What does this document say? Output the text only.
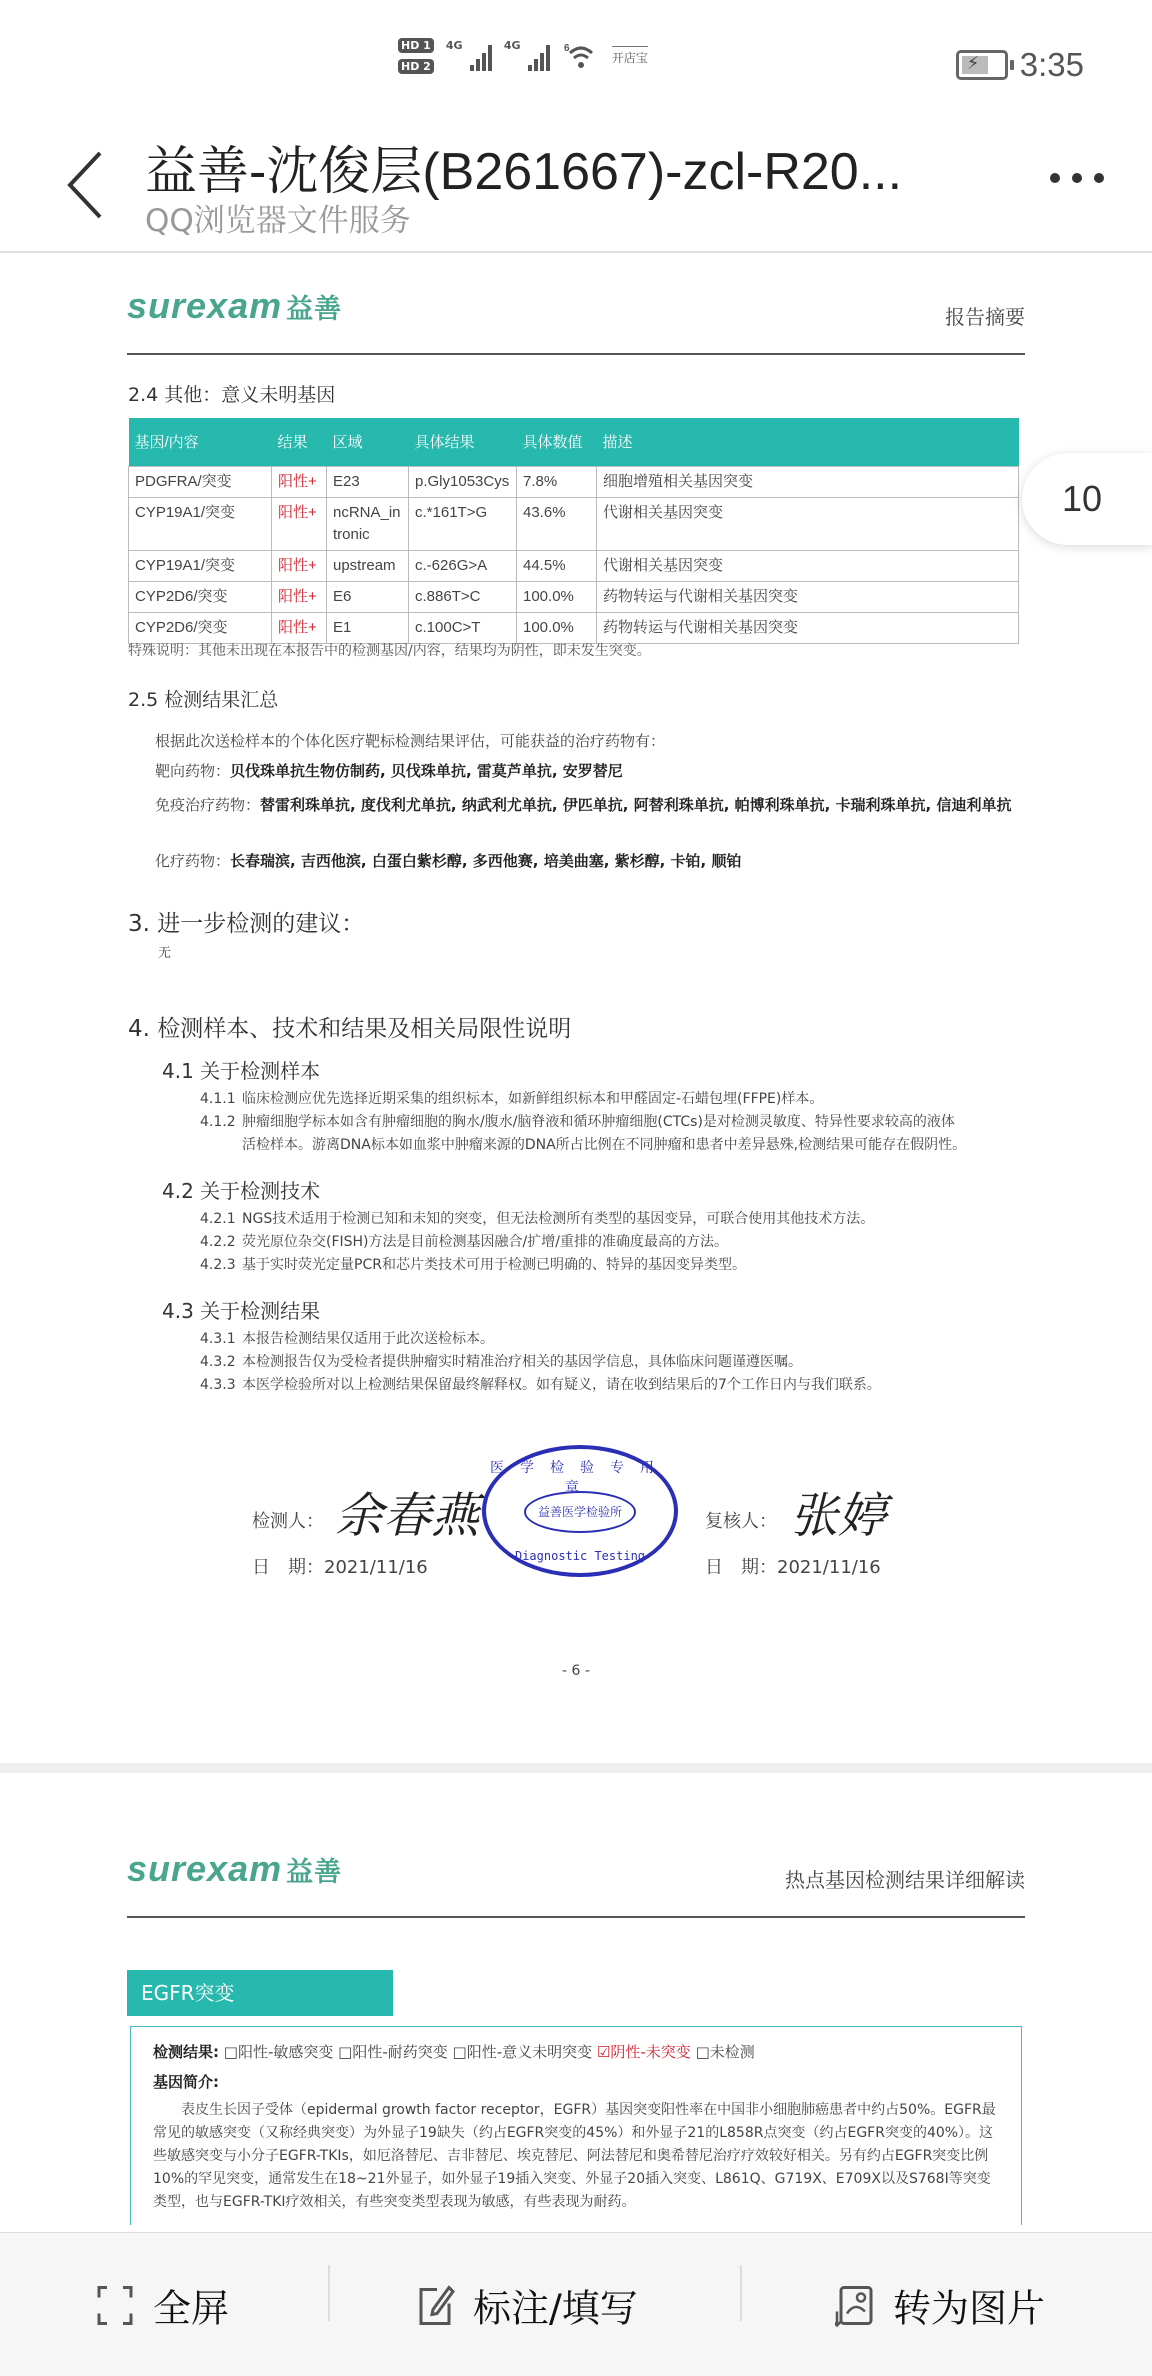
HD 1
HD 2
4G	4G	6
开店宝	⚡ 3:35
益善-沈俊层(B261667)-zcl-R20...
QQ浏览器文件服务
surexam 益善	报告摘要
2.4 其他：意义未明基因
基因/内容	结果	区域	具体结果	具体数值	描述
PDGFRA/突变	阳性+	E23	p.Gly1053Cys	7.8%	细胞增殖相关基因突变
CYP19A1/突变	阳性+	ncRNA_intronic	c.*161T>G	43.6%	代谢相关基因突变
CYP19A1/突变	阳性+	upstream	c.-626G>A	44.5%	代谢相关基因突变
CYP2D6/突变	阳性+	E6	c.886T>C	100.0%	药物转运与代谢相关基因突变
CYP2D6/突变	阳性+	E1	c.100C>T	100.0%	药物转运与代谢相关基因突变
特殊说明：其他未出现在本报告中的检测基因/内容，结果均为阴性，即未发生突变。
2.5 检测结果汇总
根据此次送检样本的个体化医疗靶标检测结果评估，可能获益的治疗药物有：
靶向药物：贝伐珠单抗生物仿制药, 贝伐珠单抗, 雷莫芦单抗, 安罗替尼
免疫治疗药物：替雷利珠单抗, 度伐利尤单抗, 纳武利尤单抗, 伊匹单抗, 阿替利珠单抗, 帕博利珠单抗, 卡瑞利珠单抗, 信迪利单抗
化疗药物：长春瑞滨, 吉西他滨, 白蛋白紫杉醇, 多西他赛, 培美曲塞, 紫杉醇, 卡铂, 顺铂
3. 进一步检测的建议：
无
4. 检测样本、技术和结果及相关局限性说明
4.1 关于检测样本
4.1.1 临床检测应优先选择近期采集的组织标本，如新鲜组织标本和甲醛固定-石蜡包埋(FFPE)样本。
4.1.2 肿瘤细胞学标本如含有肿瘤细胞的胸水/腹水/脑脊液和循环肿瘤细胞(CTCs)是对检测灵敏度、特异性要求较高的液体
活检样本。游离DNA标本如血浆中肿瘤来源的DNA所占比例在不同肿瘤和患者中差异悬殊,检测结果可能存在假阴性。
4.2 关于检测技术
4.2.1 NGS技术适用于检测已知和未知的突变，但无法检测所有类型的基因变异，可联合使用其他技术方法。
4.2.2 荧光原位杂交(FISH)方法是目前检测基因融合/扩增/重排的准确度最高的方法。
4.2.3 基于实时荧光定量PCR和芯片类技术可用于检测已明确的、特异的基因变异类型。
4.3 关于检测结果
4.3.1 本报告检测结果仅适用于此次送检标本。
4.3.2 本检测报告仅为受检者提供肿瘤实时精准治疗相关的基因学信息，具体临床问题谨遵医嘱。
4.3.3 本医学检验所对以上检测结果保留最终解释权。如有疑义，请在收到结果后的7个工作日内与我们联系。
检测人： 余春燕
日　期：2021/11/16
医学检验专用章
益善医学检验所
Diagnostic Testing
复核人： 张婷
日　期：2021/11/16
- 6 -
surexam 益善	热点基因检测结果详细解读
EGFR突变
检测结果: □阳性-敏感突变 □阳性-耐药突变 □阳性-意义未明突变 ☑阴性-未突变 □未检测
基因简介:
表皮生长因子受体（epidermal growth factor receptor，EGFR）基因突变阳性率在中国非小细胞肺癌患者中约占50%。EGFR最常见的敏感突变（又称经典突变）为外显子19缺失（约占EGFR突变的45%）和外显子21的L858R点突变（约占EGFR突变的40%）。这些敏感突变与小分子EGFR-TKIs，如厄洛替尼、吉非替尼、埃克替尼、阿法替尼和奥希替尼治疗疗效较好相关。另有约占EGFR突变比例10%的罕见突变，通常发生在18~21外显子，如外显子19插入突变、外显子20插入突变、L861Q、G719X、E709X以及S768I等突变类型，也与EGFR-TKI疗效相关，有些突变类型表现为敏感，有些表现为耐药。
10
全屏	标注/填写	转为图片
